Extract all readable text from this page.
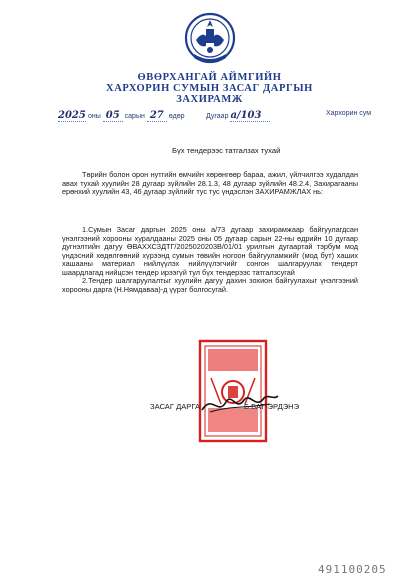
ӨВӨРХАНГАЙ АЙМГИЙН
ХАРХОРИН СУМЫН ЗАСАГ ДАРГЫН
ЗАХИРАМЖ
2025 оны 05 сарын 27 өдөр	Дугаар а/103	Хархорин сум
Бүх тендерээс татгалзах тухай
Төрийн болон орон нутгийн өмчийн хөрөнгөөр бараа, ажил, үйлчилгээ худалдан авах тухай хуулийн 28 дугаар зүйлийн 28.1.3, 48 дугаар зүйлийн 48.2.4, Захирагааны ерөнхий хуулийн 43, 46 дугаар зүйлийг тус тус үндэслэн ЗАХИРАМЖЛАХ нь:
1.Сумын Засаг даргын 2025 оны а/73 дугаар захирамжаар байгуулагдсан үнэлгээний хорооны хуралдааны 2025 оны 05 дугаар сарын 22-ны өдрийн 10 дугаар дугнэлтийн дагуу ӨВАХХСЗДТГ/2025020203В/01/01 урилгын дугаартай тэрбум мод үндэсний хөдөлгөөний хүрээнд сумын төвийн ногоон байгууламжийг (мод бут) хаших хашааны материал нийлүүлэх нийлүүлэгчийг сонгон шалгаруулах тендерт шаардлагад нийцсэн тендер ирээгүй тул бүх тендерээс татгалзсугай
2.Тендер шалгаруулалтыг хуулийн дагуу дахин зохион байгуулахыг үнэлгээний хорооны дарга (Н.Нямдаваа)-д үүрэг болгосугай.
ЗАСАГ ДАРГА	Б.БАТ-ЭРДЭНЭ
491100205
